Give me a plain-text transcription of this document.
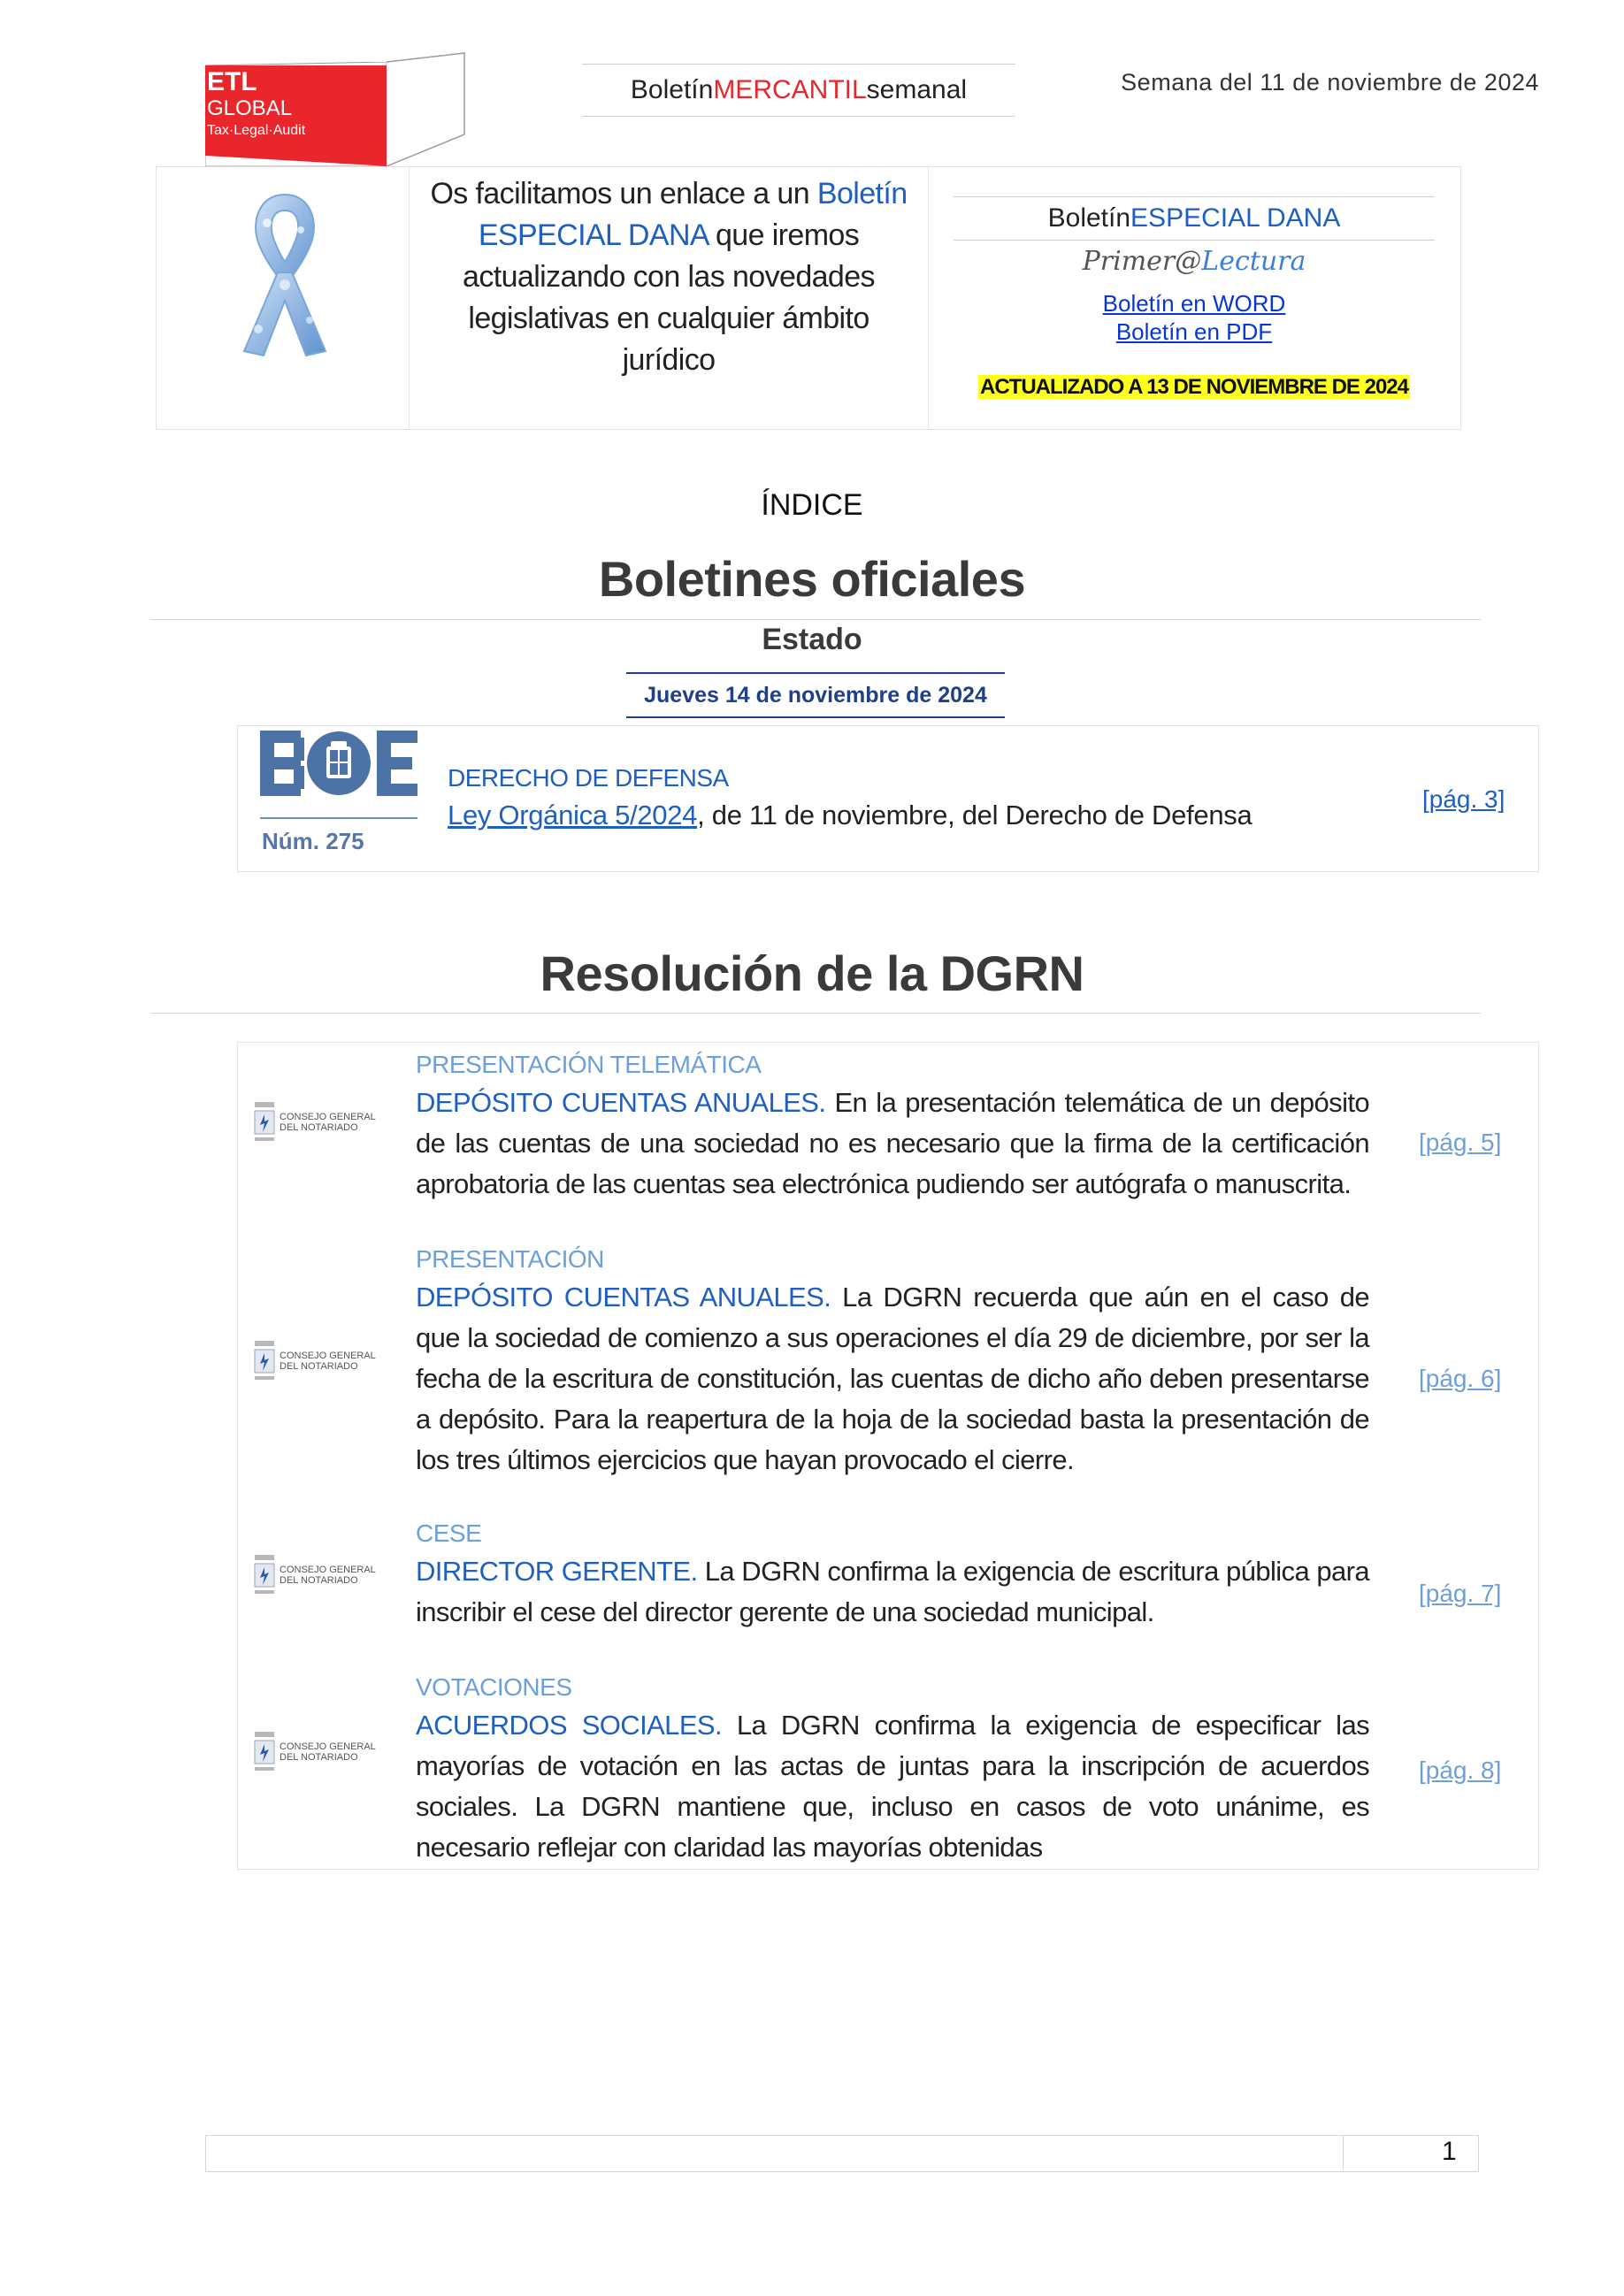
ETL
GLOBAL
Tax·Legal·Audit
Boletín MERCANTIL semanal	Semana del 11 de noviembre de 2024
Os facilitamos un enlace a un Boletín ESPECIAL DANA que iremos actualizando con las novedades legislativas en cualquier ámbito jurídico
Boletín ESPECIAL DANA
Primer@Lectura
Boletín en WORD
Boletín en PDF
ACTUALIZADO A 13 DE NOVIEMBRE DE 2024
ÍNDICE
Boletines oficiales
Estado
Jueves 14 de noviembre de 2024
Núm. 275
DERECHO DE DEFENSA
Ley Orgánica 5/2024, de 11 de noviembre, del Derecho de Defensa
[pág. 3]
Resolución de la DGRN
CONSEJO GENERAL
DEL NOTARIADO
PRESENTACIÓN TELEMÁTICA
DEPÓSITO CUENTAS ANUALES. En la presentación telemática de un depósito de las cuentas de una sociedad no es necesario que la firma de la certificación aprobatoria de las cuentas sea electrónica pudiendo ser autógrafa o manuscrita.
[pág. 5]
CONSEJO GENERAL
DEL NOTARIADO
PRESENTACIÓN
DEPÓSITO CUENTAS ANUALES. La DGRN recuerda que aún en el caso de que la sociedad de comienzo a sus operaciones el día 29 de diciembre, por ser la fecha de la escritura de constitución, las cuentas de dicho año deben presentarse a depósito. Para la reapertura de la hoja de la sociedad basta la presentación de los tres últimos ejercicios que hayan provocado el cierre.
[pág. 6]
CONSEJO GENERAL
DEL NOTARIADO
CESE
DIRECTOR GERENTE. La DGRN confirma la exigencia de escritura pública para inscribir el cese del director gerente de una sociedad municipal.
[pág. 7]
CONSEJO GENERAL
DEL NOTARIADO
VOTACIONES
ACUERDOS SOCIALES. La DGRN confirma la exigencia de especificar las mayorías de votación en las actas de juntas para la inscripción de acuerdos sociales. La DGRN mantiene que, incluso en casos de voto unánime, es necesario reflejar con claridad las mayorías obtenidas
[pág. 8]
1
